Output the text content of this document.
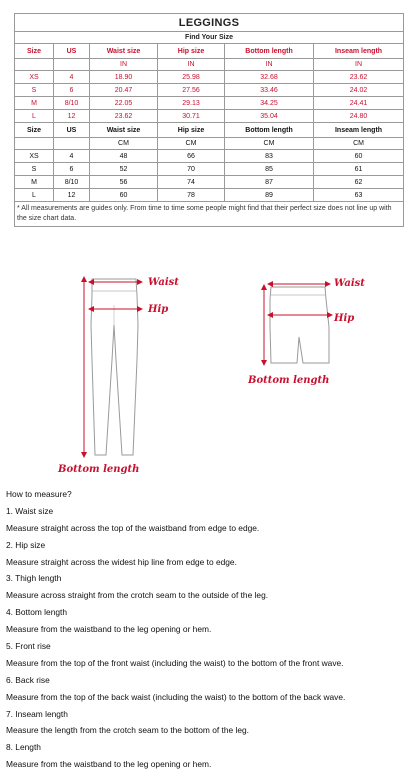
LEGGINGS					
Find Your Size					
Size	US	Waist size	Hip size	Bottom length	Inseam length
		IN	IN	IN	IN
XS	4	18.90	25.98	32.68	23.62
S	6	20.47	27.56	33.46	24.02
M	8/10	22.05	29.13	34.25	24.41
L	12	23.62	30.71	35.04	24.80
Size	US	Waist size	Hip size	Bottom length	Inseam length
		CM	CM	CM	CM
XS	4	48	66	83	60
S	6	52	70	85	61
M	8/10	56	74	87	62
L	12	60	78	89	63
* All measurements are guides only. From time to time some people might find that their perfect size does not line up with the size chart data.					
Waist
Hip
Bottom length
Waist
Hip
Bottom length
How to measure?
1. Waist size
Measure straight across the top of the waistband from edge to edge.
2. Hip size
Measure straight across the widest hip line from edge to edge.
3. Thigh length
Measure across straight from the crotch seam to the outside of the leg.
4. Bottom length
Measure from the waistband to the leg opening or hem.
5. Front rise
Measure from the top of the front waist (including the waist) to the bottom of the front wave.
6. Back rise
Measure from the top of the back waist (including the waist) to the bottom of the back wave.
7. Inseam length
Measure the length from the crotch seam to the bottom of the leg.
8. Length
Measure from the waistband to the leg opening or hem.
